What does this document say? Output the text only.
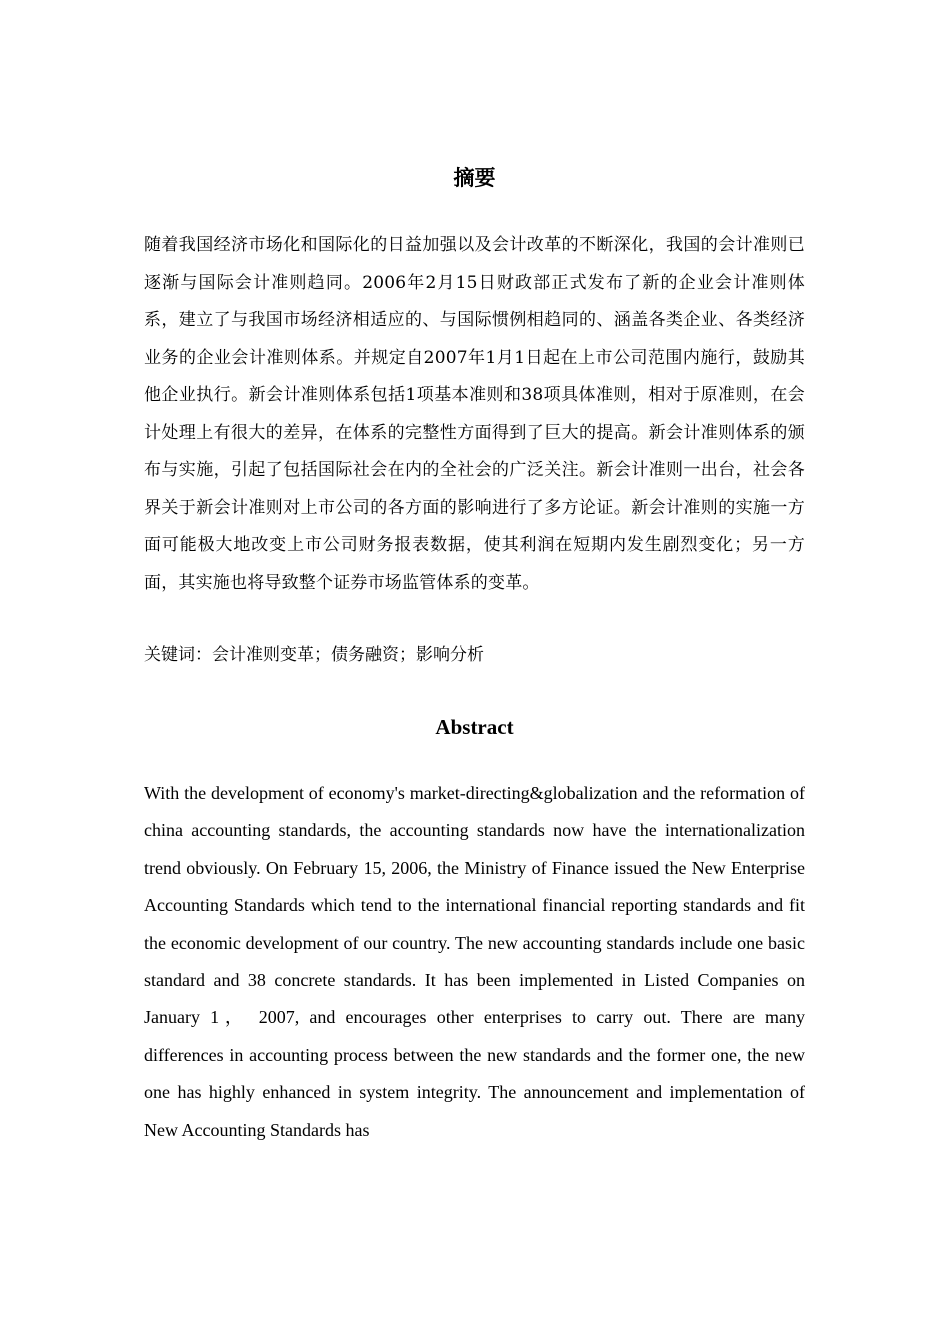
摘要

随着我国经济市场化和国际化的日益加强以及会计改革的不断深化，我国的会计准则已逐渐与国际会计准则趋同。2006年2月15日财政部正式发布了新的企业会计准则体系，建立了与我国市场经济相适应的、与国际惯例相趋同的、涵盖各类企业、各类经济业务的企业会计准则体系。并规定自2007年1月1日起在上市公司范围内施行，鼓励其他企业执行。新会计准则体系包括1项基本准则和38项具体准则，相对于原准则，在会计处理上有很大的差异，在体系的完整性方面得到了巨大的提高。新会计准则体系的颁布与实施，引起了包括国际社会在内的全社会的广泛关注。新会计准则一出台，社会各界关于新会计准则对上市公司的各方面的影响进行了多方论证。新会计准则的实施一方面可能极大地改变上市公司财务报表数据，使其利润在短期内发生剧烈变化；另一方面，其实施也将导致整个证券市场监管体系的变革。

关键词：会计准则变革；债务融资；影响分析

Abstract

With the development of economy's market-directing&globalization and the reformation of china accounting standards, the accounting standards now have the internationalization trend obviously. On February 15, 2006, the Ministry of Finance issued the New Enterprise Accounting Standards which tend to the international financial reporting standards and fit the economic development of our country. The new accounting standards include one basic standard and 38 concrete standards. It has been implemented in Listed Companies on January 1， 2007, and encourages other enterprises to carry out. There are many differences in accounting process between the new standards and the former one, the new one has highly enhanced in system integrity. The announcement and implementation of New Accounting Standards has
